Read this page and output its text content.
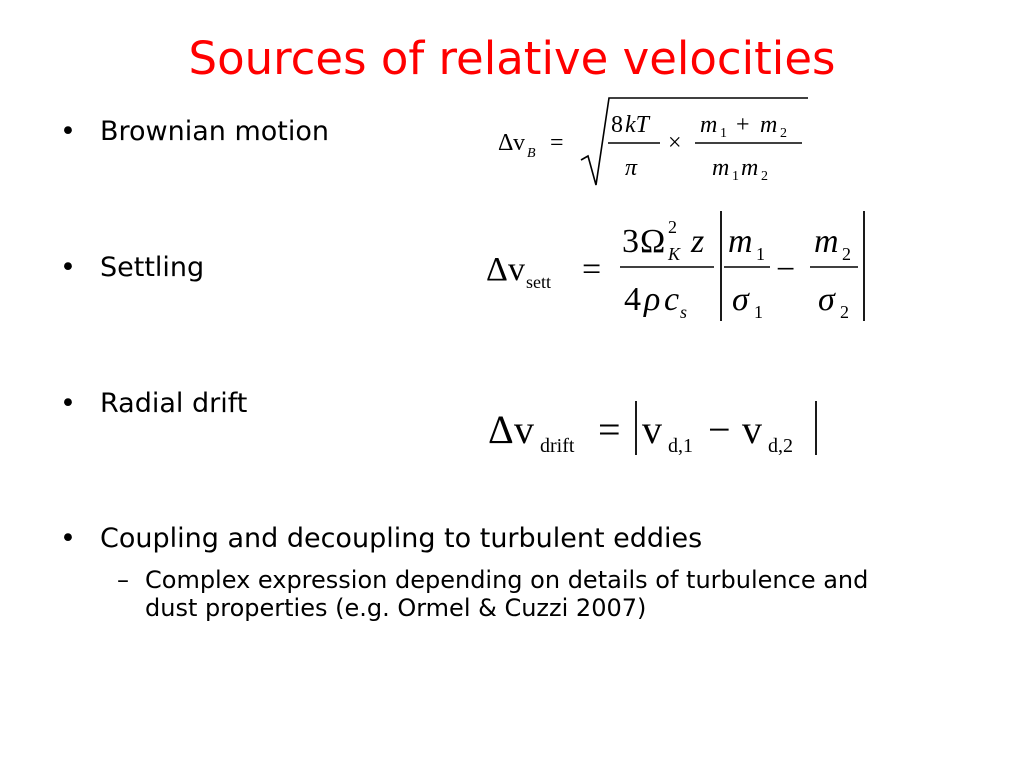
Sources of relative velocities
• Brownian motion
• Settling
• Radial drift
• Coupling and decoupling to turbulent eddies
– Complex expression depending on details of turbulence and
dust properties (e.g. Ormel & Cuzzi 2007)
Δ v B =
8 kT
π
×
m 1 + m 2
m 1 m 2
Δ v sett =
3 Ω 2
K z
4 ρ c s
m 1
σ 1
−
m 2
σ 2
Δ v drift = v d,1 − v d,2
